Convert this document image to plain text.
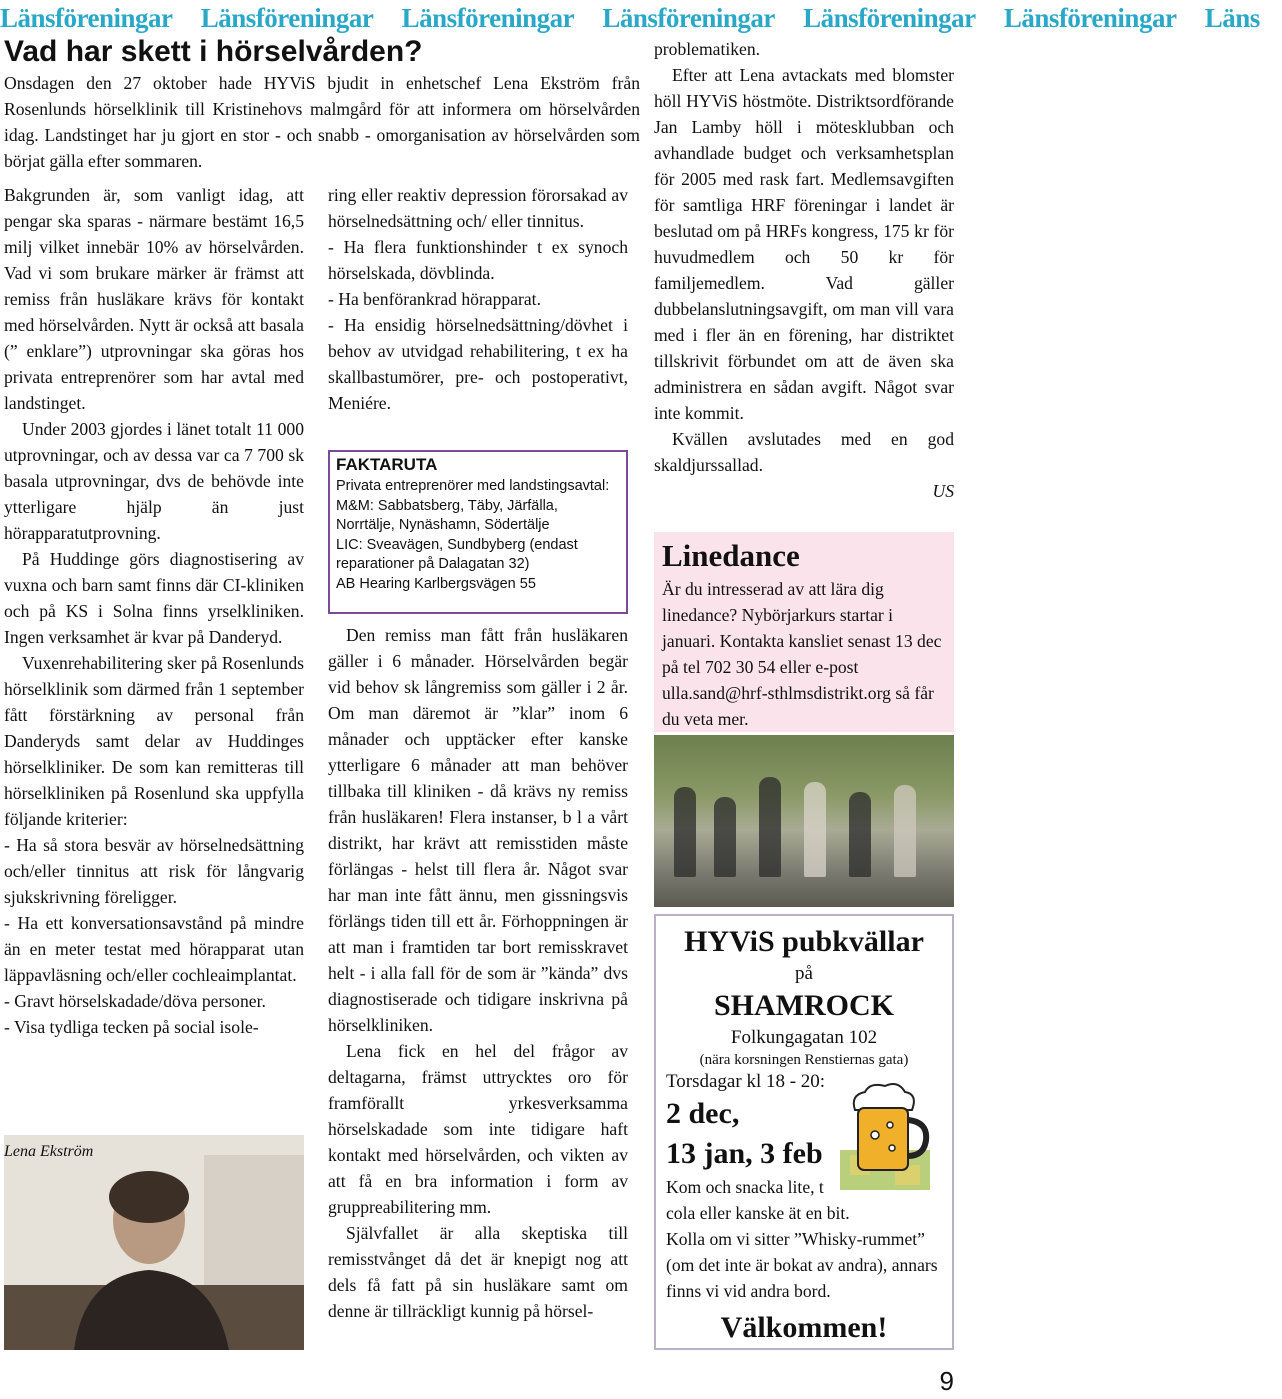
Länsföreningar Länsföreningar Länsföreningar Länsföreningar Länsföreningar Länsföreningar Läns
Vad har skett i hörselvården?

Onsdagen den 27 oktober hade HYViS bjudit in enhetschef Lena Ekström från Rosenlunds hörselklinik till Kristinehovs malmgård för att informera om hörselvården idag. Landstinget har ju gjort en stor - och snabb - omorganisation av hörselvården som börjat gälla efter sommaren.

Bakgrunden är, som vanligt idag, att pengar ska sparas - närmare bestämt 16,5 milj vilket innebär 10% av hörselvården. Vad vi som brukare märker är främst att remiss från husläkare krävs för kontakt med hörselvården. Nytt är också att basala (” enklare”) utprovningar ska göras hos privata entreprenörer som har avtal med landstinget.

Under 2003 gjordes i länet totalt 11 000 utprovningar, och av dessa var ca 7 700 sk basala utprovningar, dvs de behövde inte ytterligare hjälp än just hörapparatutprovning.

På Huddinge görs diagnostisering av vuxna och barn samt finns där CI-kliniken och på KS i Solna finns yrselkliniken. Ingen verksamhet är kvar på Danderyd.

Vuxenrehabilitering sker på Rosenlunds hörselklinik som därmed från 1 september fått förstärkning av personal från Danderyds samt delar av Huddinges hörselkliniker. De som kan remitteras till hörselkliniken på Rosenlund ska uppfylla följande kriterier:

- Ha så stora besvär av hörselnedsättning och/eller tinnitus att risk för långvarig sjukskrivning föreligger.

- Ha ett konversationsavstånd på mindre än en meter testat med hörapparat utan läppavläsning och/eller cochleaimplantat.

- Gravt hörselskadade/döva personer.

- Visa tydliga tecken på social isole-

Lena Ekström

ring eller reaktiv depression förorsakad av hörselnedsättning och/ eller tinnitus.

- Ha flera funktionshinder t ex synoch hörselskada, dövblinda.

- Ha benförankrad hörapparat.

- Ha ensidig hörselnedsättning/dövhet i behov av utvidgad rehabilitering, t ex ha skallbastumörer, pre- och postoperativt, Meniére.

FAKTARUTA

Privata entreprenörer med landstingsavtal:

M&M: Sabbatsberg, Täby, Järfälla, Norrtälje, Nynäshamn, Södertälje

LIC: Sveavägen, Sundbyberg (endast reparationer på Dalagatan 32)

AB Hearing Karlbergsvägen 55

Den remiss man fått från husläkaren gäller i 6 månader. Hörselvården begär vid behov sk långremiss som gäller i 2 år. Om man däremot är ”klar” inom 6 månader och upptäcker efter kanske ytterligare 6 månader att man behöver tillbaka till kliniken - då krävs ny remiss från husläkaren! Flera instanser, b l a vårt distrikt, har krävt att remisstiden måste förlängas - helst till flera år. Något svar har man inte fått ännu, men gissningsvis förlängs tiden till ett år. Förhoppningen är att man i framtiden tar bort remisskravet helt - i alla fall för de som är ”kända” dvs diagnostiserade och tidigare inskrivna på hörselkliniken.

Lena fick en hel del frågor av deltagarna, främst uttrycktes oro för framförallt yrkesverksamma hörselskadade som inte tidigare haft kontakt med hörselvården, och vikten av att få en bra information i form av gruppreabilitering mm.

Självfallet är alla skeptiska till remisstvånget då det är knepigt nog att dels få fatt på sin husläkare samt om denne är tillräckligt kunnig på hörsel-

problematiken.

Efter att Lena avtackats med blomster höll HYViS höstmöte. Distriktsordförande Jan Lamby höll i mötesklubban och avhandlade budget och verksamhetsplan för 2005 med rask fart. Medlemsavgiften för samtliga HRF föreningar i landet är beslutad om på HRFs kongress, 175 kr för huvudmedlem och 50 kr för familjemedlem. Vad gäller dubbelanslutningsavgift, om man vill vara med i fler än en förening, har distriktet tillskrivit förbundet om att de även ska administrera en sådan avgift. Något svar inte kommit.

Kvällen avslutades med en god skaldjurssallad.

US

Linedance

Är du intresserad av att lära dig linedance? Nybörjarkurs startar i januari. Kontakta kansliet senast 13 dec på tel 702 30 54 eller e-post ulla.sand@hrf-sthlmsdistrikt.org så får du veta mer.

HYViS pubkvällar
på
SHAMROCK
Folkungagatan 102
(nära korsningen Renstiernas gata)
Torsdagar kl 18 - 20:
2 dec,
13 jan, 3 feb
Kom och snacka lite, t
cola eller kanske ät en bit.
Kolla om vi sitter ”Whisky-rummet” (om det inte är bokat av andra), annars finns vi vid andra bord.
Välkommen!
9
